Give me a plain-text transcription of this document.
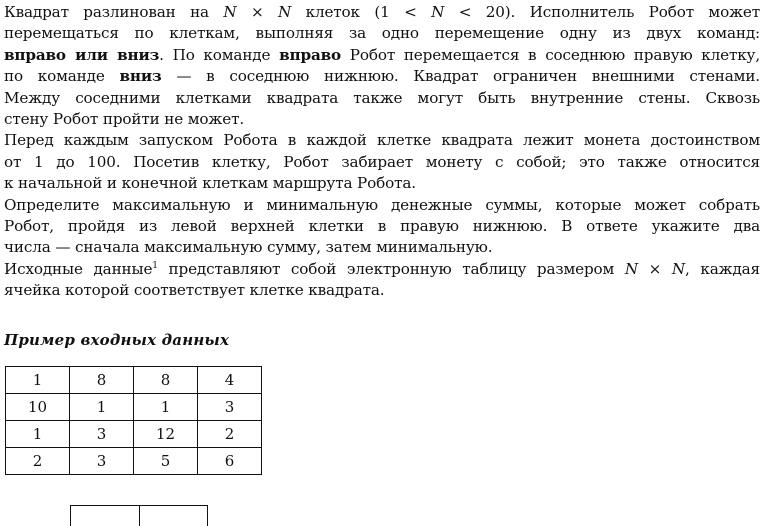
Квадрат разлинован на N × N клеток (1 < N < 20). Исполнитель Робот может
перемещаться по клеткам, выполняя за одно перемещение одну из двух команд:
вправо или вниз. По команде вправо Робот перемещается в соседнюю правую клетку,
по команде вниз — в соседнюю нижнюю. Квадрат ограничен внешними стенами.
Между соседними клетками квадрата также могут быть внутренние стены. Сквозь
стену Робот пройти не может.

Перед каждым запуском Робота в каждой клетке квадрата лежит монета достоинством
от 1 до 100. Посетив клетку, Робот забирает монету с собой; это также относится
к начальной и конечной клеткам маршрута Робота.

Определите максимальную и минимальную денежные суммы, которые может собрать
Робот, пройдя из левой верхней клетки в правую нижнюю. В ответе укажите два
числа — сначала максимальную сумму, затем минимальную.

Исходные данные$^1$ представляют собой электронную таблицу размером N × N, каждая
ячейка которой соответствует клетке квадрата.

Пример входных данных
1	8	8	4
10	1	1	3
1	3	12	2
2	3	5	6
